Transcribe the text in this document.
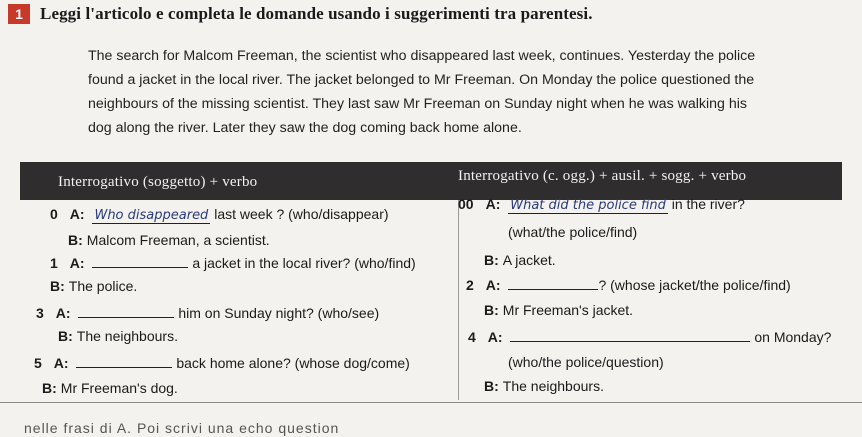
1	Leggi l'articolo e completa le domande usando i suggerimenti tra parentesi.
The search for Malcom Freeman, the scientist who disappeared last week, continues. Yesterday the police
found a jacket in the local river. The jacket belonged to Mr Freeman. On Monday the police questioned the
neighbours of the missing scientist. They last saw Mr Freeman on Sunday night when he was walking his
dog along the river. Later they saw the dog coming back home alone.
Interrogativo (soggetto) + verbo	Interrogativo (c. ogg.) + ausil. + sogg. + verbo
0 A: Who disappeared last week ? (who/disappear)
B: Malcom Freeman, a scientist.
1 A:	a jacket in the local river? (who/find)
B: The police.
3 A:	him on Sunday night? (who/see)
B: The neighbours.
5 A:	back home alone? (whose dog/come)
B: Mr Freeman's dog.
00 A: What did the police find in the river?
(what/the police/find)
B: A jacket.
2 A:	? (whose jacket/the police/find)
B: Mr Freeman's jacket.
4 A:	on Monday?
(who/the police/question)
B: The neighbours.
nelle frasi di A. Poi scrivi una echo question
